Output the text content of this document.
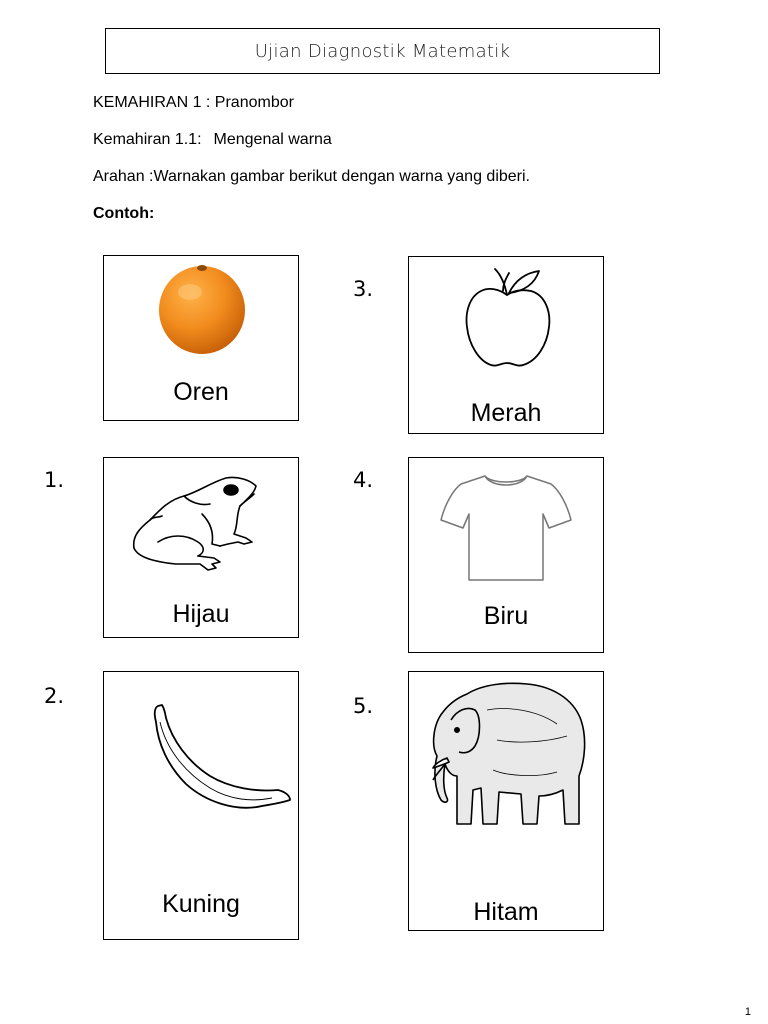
Ujian Diagnostik Matematik
KEMAHIRAN 1 : Pranombor
Kemahiran 1.1: Mengenal warna
Arahan :Warnakan gambar berikut dengan warna yang diberi.
Contoh:
Oren
1.
Hijau
2.
Kuning
3.
Merah
4.
Biru
5.
Hitam
1
